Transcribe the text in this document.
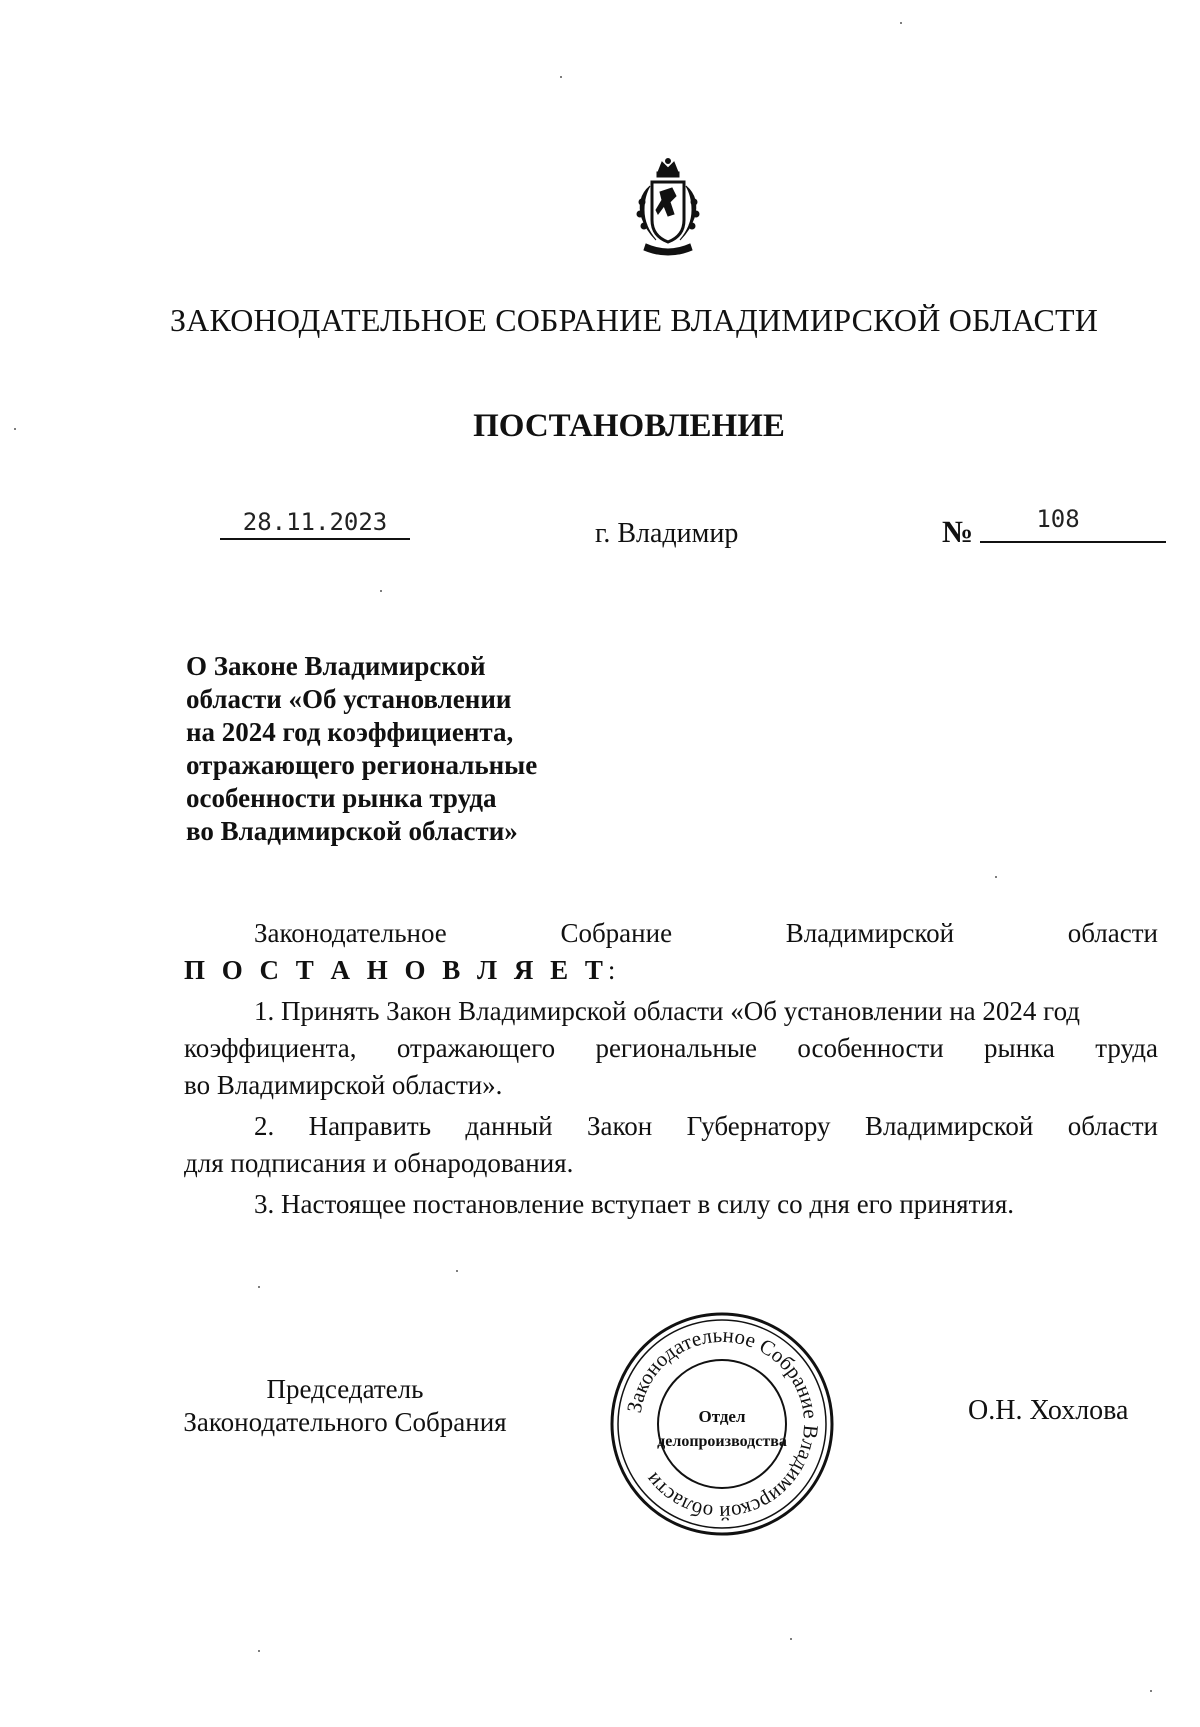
ЗАКОНОДАТЕЛЬНОЕ СОБРАНИЕ ВЛАДИМИРСКОЙ ОБЛАСТИ
ПОСТАНОВЛЕНИЕ
28.11.2023	г. Владимир	№	108
О Законе Владимирской
области «Об установлении
на 2024 год коэффициента,
отражающего региональные
особенности рынка труда
во Владимирской области»
Законодательное	Собрание	Владимирской	области
П О С Т А Н О В Л Я Е Т:
1. Принять Закон Владимирской области «Об установлении на 2024 год
коэффициента, отражающего региональные особенности рынка труда
во Владимирской области».
2. Направить данный Закон Губернатору Владимирской области
для подписания и обнародования.
3. Настоящее постановление вступает в силу со дня его принятия.
Председатель
Законодательного Собрания	Законодательное Собрание Владимирской области
Отдел
делопроизводства
О.Н. Хохлова
